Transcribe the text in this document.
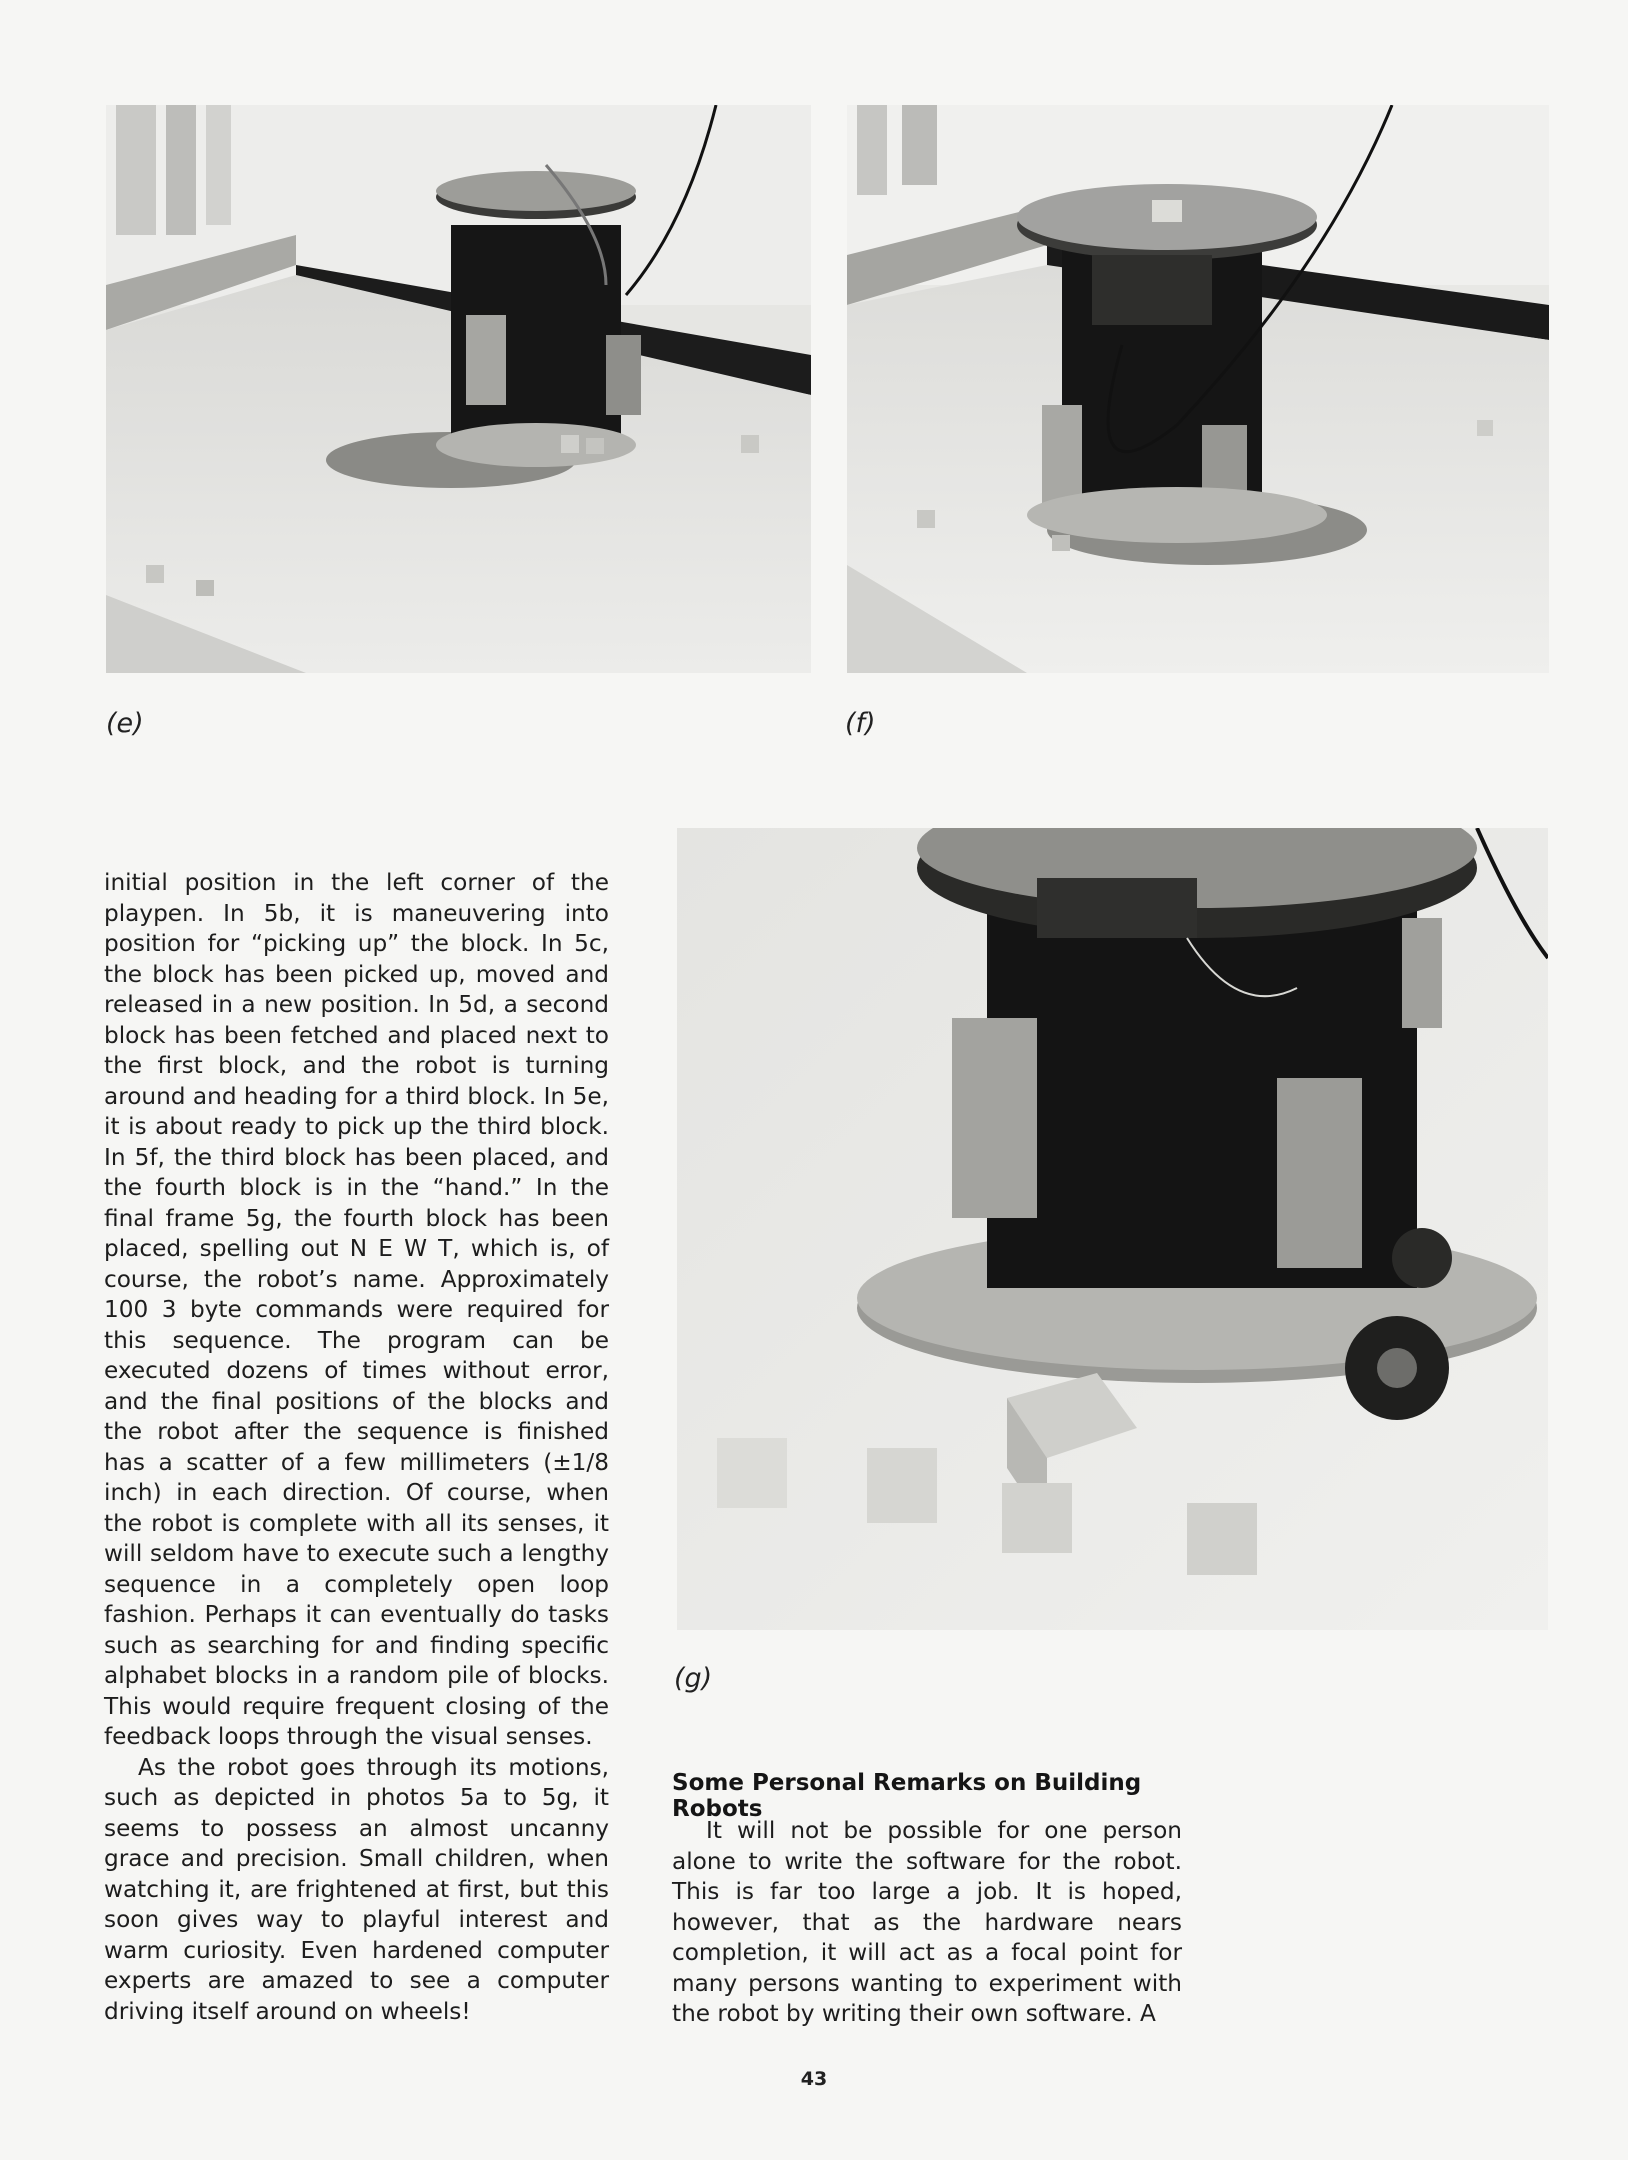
(e)	(f)
(g)

initial position in the left corner of the playpen. In 5b, it is maneuvering into position for “picking up” the block. In 5c, the block has been picked up, moved and released in a new position. In 5d, a second block has been fetched and placed next to the first block, and the robot is turning around and heading for a third block. In 5e, it is about ready to pick up the third block. In 5f, the third block has been placed, and the fourth block is in the “hand.” In the final frame 5g, the fourth block has been placed, spelling out N E W T, which is, of course, the robot’s name. Approximately 100 3 byte commands were required for this sequence. The program can be executed dozens of times without error, and the final positions of the blocks and the robot after the sequence is finished has a scatter of a few millimeters (±1/8 inch) in each direction. Of course, when the robot is complete with all its senses, it will seldom have to execute such a lengthy sequence in a completely open loop fashion. Perhaps it can eventually do tasks such as searching for and finding specific alphabet blocks in a random pile of blocks. This would require frequent closing of the feedback loops through the visual senses.

As the robot goes through its motions, such as depicted in photos 5a to 5g, it seems to possess an almost uncanny grace and precision. Small children, when watching it, are frightened at first, but this soon gives way to playful interest and warm curiosity. Even hardened computer experts are amazed to see a computer driving itself around on wheels!

Some Personal Remarks on Building Robots

It will not be possible for one person alone to write the software for the robot. This is far too large a job. It is hoped, however, that as the hardware nears completion, it will act as a focal point for many persons wanting to experiment with the robot by writing their own software. A

43
